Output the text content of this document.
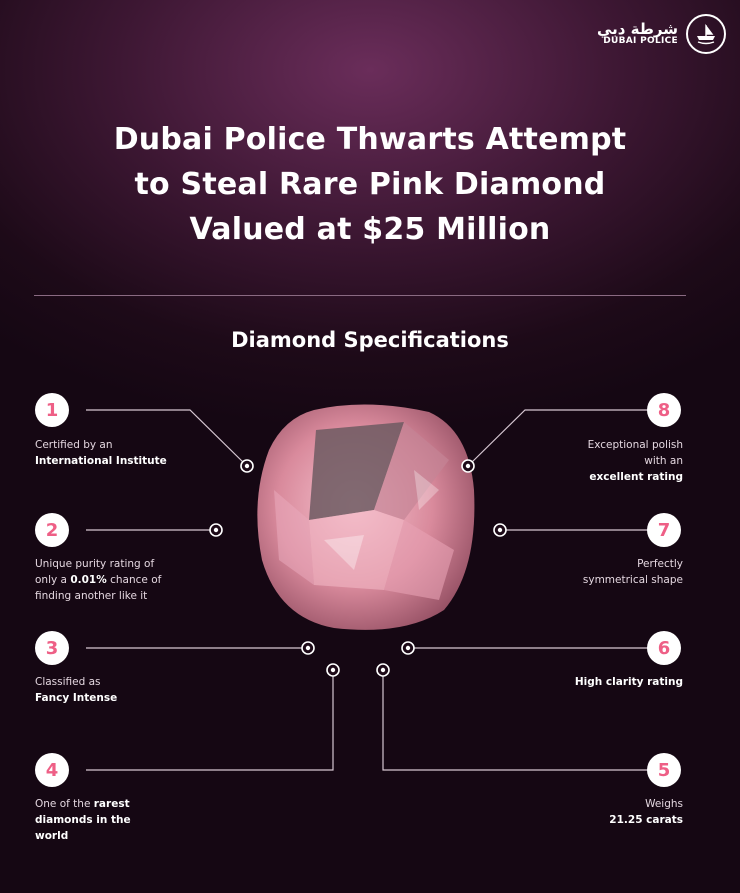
شرطة دبي
DUBAI POLICE
Dubai Police Thwarts Attempt
to Steal Rare Pink Diamond
Valued at $25 Million
Diamond Specifications
1
Certified by an
International Institute
2
Unique purity rating of only a 0.01% chance of finding another like it
3
Classified as
Fancy Intense
4
One of the rarest diamonds in the world
5
Weighs
21.25 carats
6
High clarity rating
7
Perfectly symmetrical shape
8
Exceptional polish with an
excellent rating
